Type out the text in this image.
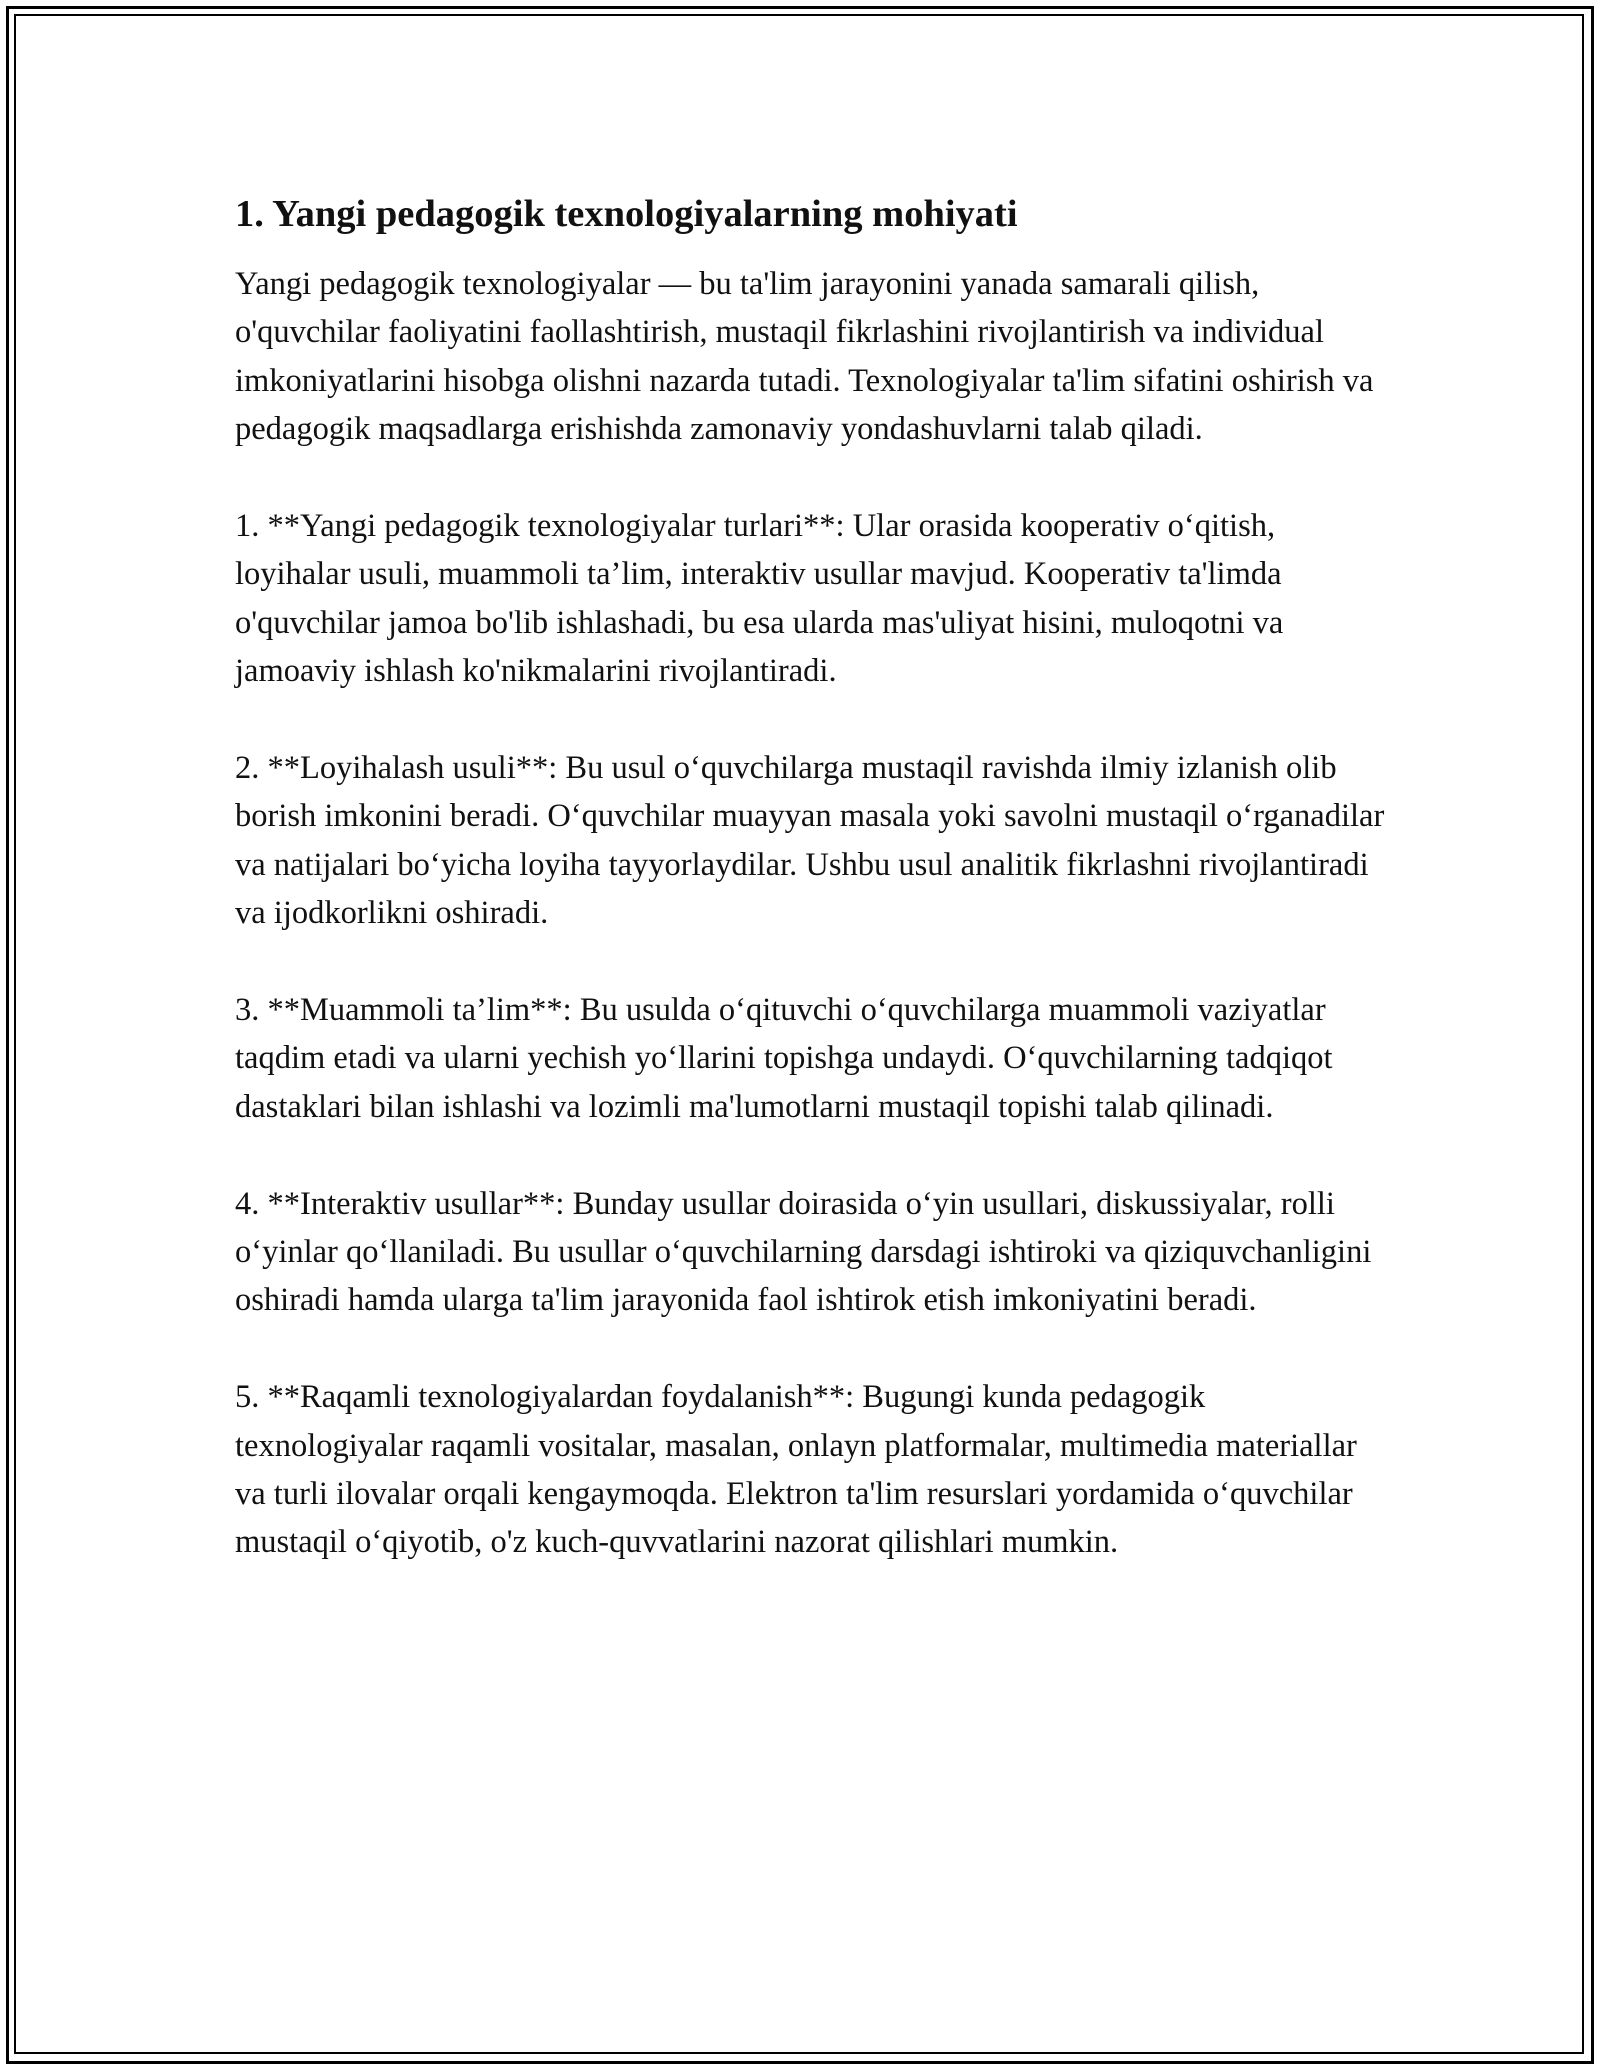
1. Yangi pedagogik texnologiyalarning mohiyati

Yangi pedagogik texnologiyalar — bu ta'lim jarayonini yanada samarali qilish, o'quvchilar faoliyatini faollashtirish, mustaqil fikrlashini rivojlantirish va individual imkoniyatlarini hisobga olishni nazarda tutadi. Texnologiyalar ta'lim sifatini oshirish va pedagogik maqsadlarga erishishda zamonaviy yondashuvlarni talab qiladi.

1. **Yangi pedagogik texnologiyalar turlari**: Ular orasida kooperativ o‘qitish, loyihalar usuli, muammoli ta’lim, interaktiv usullar mavjud. Kooperativ ta'limda o'quvchilar jamoa bo'lib ishlashadi, bu esa ularda mas'uliyat hisini, muloqotni va jamoaviy ishlash ko'nikmalarini rivojlantiradi.

2. **Loyihalash usuli**: Bu usul o‘quvchilarga mustaqil ravishda ilmiy izlanish olib borish imkonini beradi. O‘quvchilar muayyan masala yoki savolni mustaqil o‘rganadilar va natijalari bo‘yicha loyiha tayyorlaydilar. Ushbu usul analitik fikrlashni rivojlantiradi va ijodkorlikni oshiradi.

3. **Muammoli ta’lim**: Bu usulda o‘qituvchi o‘quvchilarga muammoli vaziyatlar taqdim etadi va ularni yechish yo‘llarini topishga undaydi. O‘quvchilarning tadqiqot dastaklari bilan ishlashi va lozimli ma'lumotlarni mustaqil topishi talab qilinadi.

4. **Interaktiv usullar**: Bunday usullar doirasida o‘yin usullari, diskussiyalar, rolli o‘yinlar qo‘llaniladi. Bu usullar o‘quvchilarning darsdagi ishtiroki va qiziquvchanligini oshiradi hamda ularga ta'lim jarayonida faol ishtirok etish imkoniyatini beradi.

5. **Raqamli texnologiyalardan foydalanish**: Bugungi kunda pedagogik texnologiyalar raqamli vositalar, masalan, onlayn platformalar, multimedia materiallar va turli ilovalar orqali kengaymoqda. Elektron ta'lim resurslari yordamida o‘quvchilar mustaqil o‘qiyotib, o'z kuch-quvvatlarini nazorat qilishlari mumkin.
